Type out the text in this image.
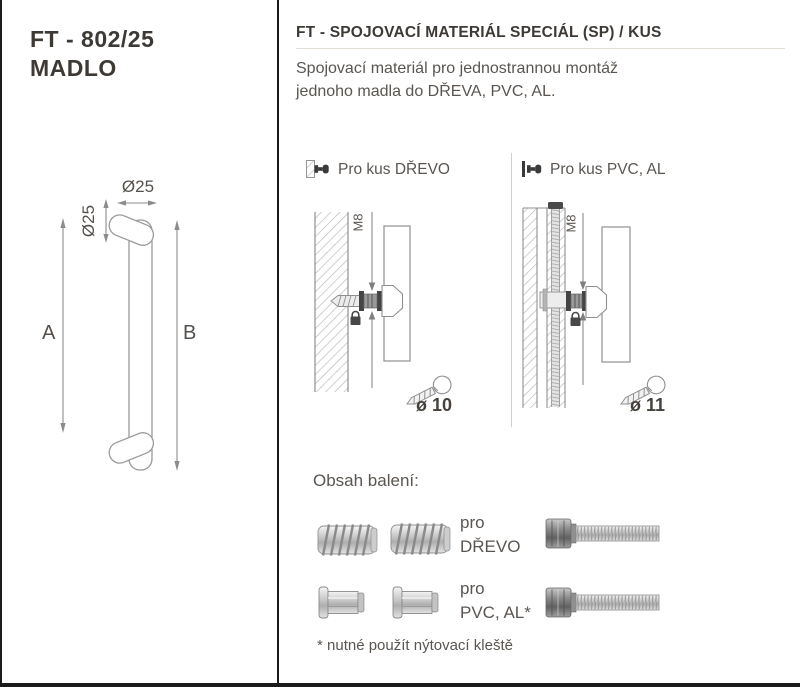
FT - 802/25
MADLO
Ø25
Ø25
A	B
FT - SPOJOVACÍ MATERIÁL SPECIÁL (SP) / KUS
Spojovací materiál pro jednostrannou montáž
jednoho madla do DŘEVA, PVC, AL.
Pro kus DŘEVO	Pro kus PVC, AL
M8	M8
ø 10	ø 11
Obsah balení:
pro
DŘEVO
pro
PVC, AL*
* nutné použít nýtovací kleště
